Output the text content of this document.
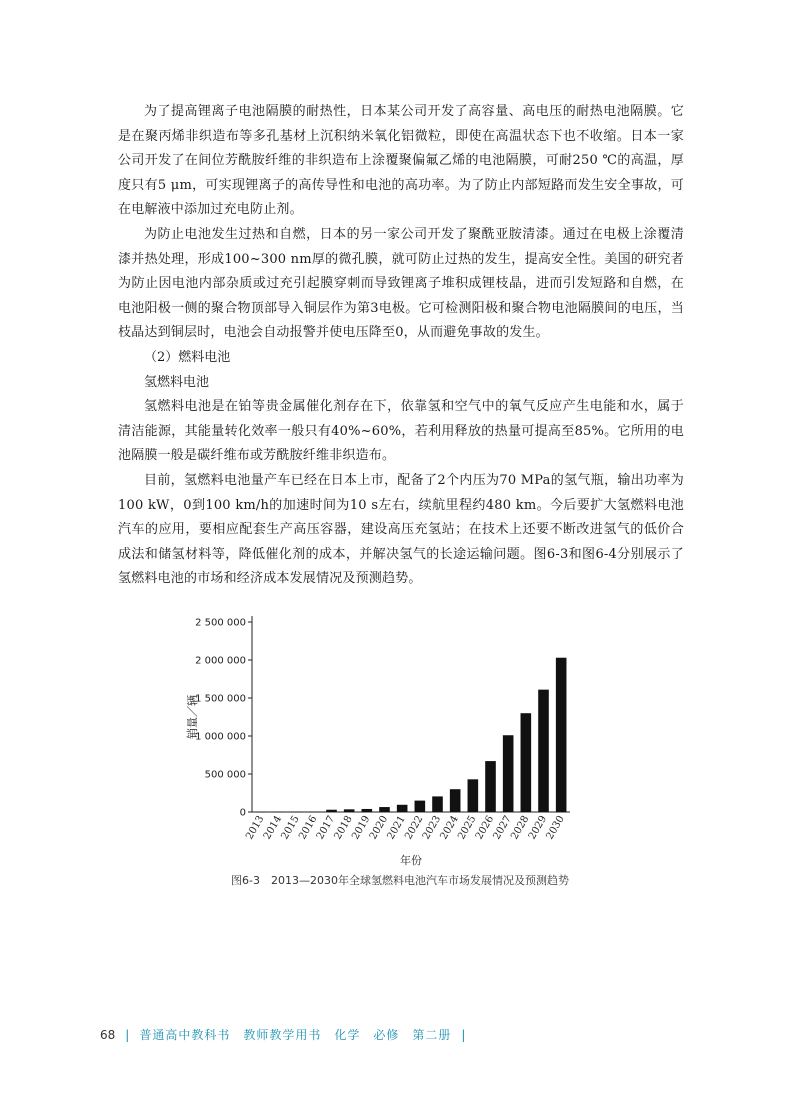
为了提高锂离子电池隔膜的耐热性，日本某公司开发了高容量、高电压的耐热电池隔膜。它是在聚丙烯非织造布等多孔基材上沉积纳米氧化铝微粒，即使在高温状态下也不收缩。日本一家公司开发了在间位芳酰胺纤维的非织造布上涂覆聚偏氟乙烯的电池隔膜，可耐250 ℃的高温，厚度只有5 μm，可实现锂离子的高传导性和电池的高功率。为了防止内部短路而发生安全事故，可在电解液中添加过充电防止剂。

为防止电池发生过热和自燃，日本的另一家公司开发了聚酰亚胺清漆。通过在电极上涂覆清漆并热处理，形成100~300 nm厚的微孔膜，就可防止过热的发生，提高安全性。美国的研究者为防止因电池内部杂质或过充引起膜穿刺而导致锂离子堆积成锂枝晶，进而引发短路和自燃，在电池阳极一侧的聚合物顶部导入铜层作为第3电极。它可检测阳极和聚合物电池隔膜间的电压，当枝晶达到铜层时，电池会自动报警并使电压降至0，从而避免事故的发生。

（2）燃料电池

氢燃料电池

氢燃料电池是在铂等贵金属催化剂存在下，依靠氢和空气中的氧气反应产生电能和水，属于清洁能源，其能量转化效率一般只有40%~60%，若利用释放的热量可提高至85%。它所用的电池隔膜一般是碳纤维布或芳酰胺纤维非织造布。

目前，氢燃料电池量产车已经在日本上市，配备了2个内压为70 MPa的氢气瓶，输出功率为100 kW，0到100 km/h的加速时间为10 s左右，续航里程约480 km。今后要扩大氢燃料电池汽车的应用，要相应配套生产高压容器，建设高压充氢站；在技术上还要不断改进氢气的低价合成法和储氢材料等，降低催化剂的成本，并解决氢气的长途运输问题。图6-3和图6-4分别展示了氢燃料电池的市场和经济成本发展情况及预测趋势。

0
500 000
1 000 000
1 500 000
2 000 000
2 500 000
2013
2014
2015
2016
2017
2018
2019
2020
2021
2022
2023
2024
2025
2026
2027
2028
2029
2030
销量／辆
年份
图6-3　2013—2030年全球氢燃料电池汽车市场发展情况及预测趋势
68 | 普通高中教科书　教师教学用书　化学　必修　第二册 |
